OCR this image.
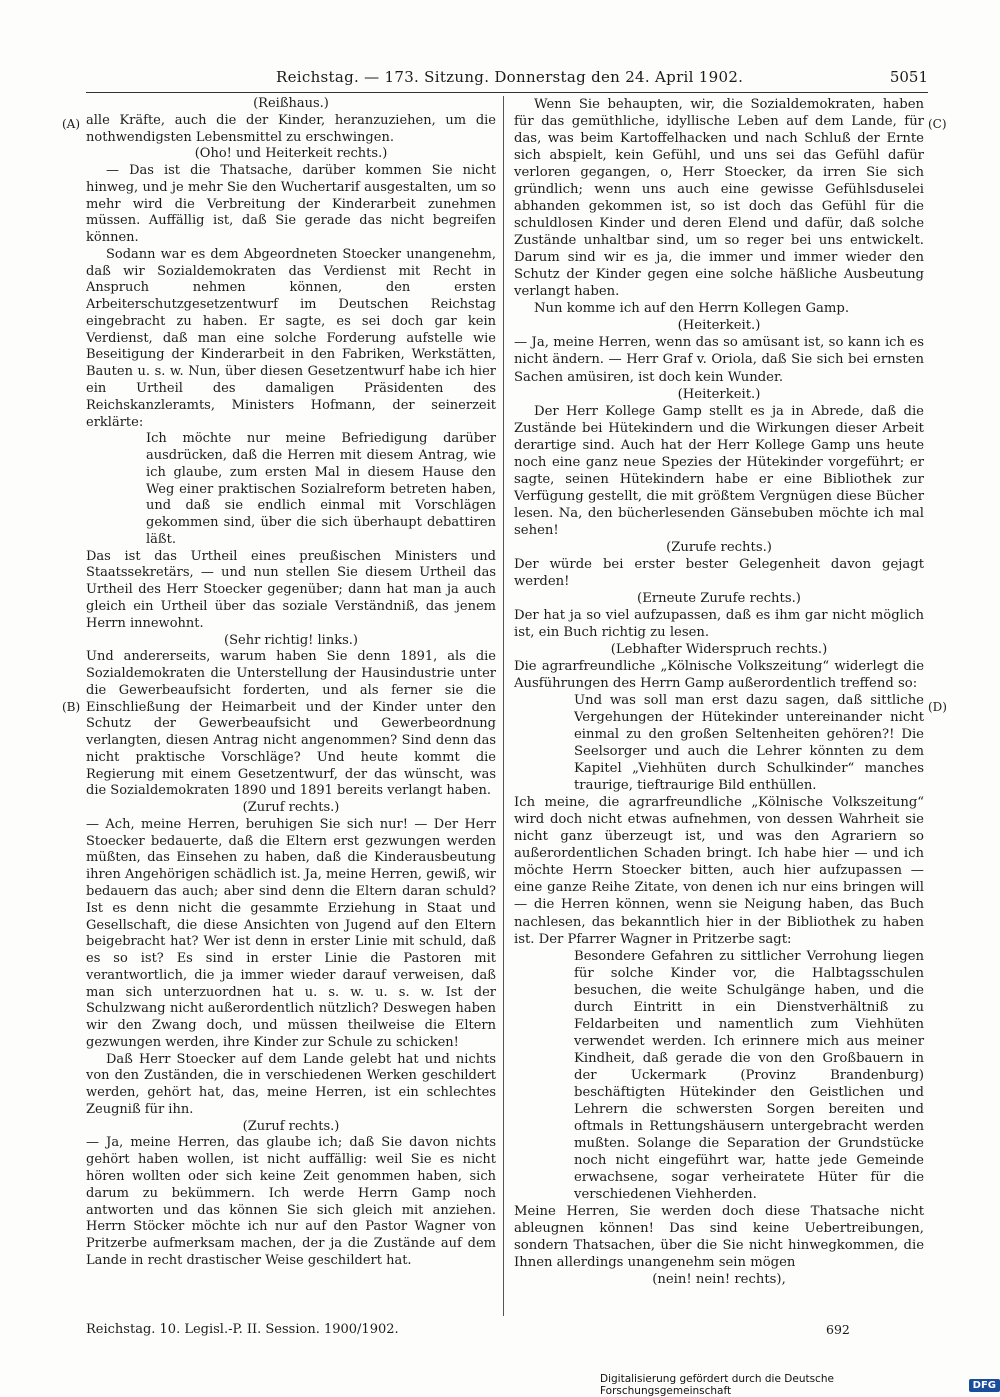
Reichstag. — 173. Sitzung. Donnerstag den 24. April 1902.	5051
(A)
(B)
(C)
(D)

(Reißhaus.)

alle Kräfte, auch die der Kinder, heranzuziehen, um die nothwendigsten Lebensmittel zu erschwingen.

(Oho! und Heiterkeit rechts.)

— Das ist die Thatsache, darüber kommen Sie nicht hinweg, und je mehr Sie den Wuchertarif ausgestalten, um so mehr wird die Verbreitung der Kinderarbeit zunehmen müssen. Auffällig ist, daß Sie gerade das nicht begreifen können.

Sodann war es dem Abgeordneten Stoecker unangenehm, daß wir Sozialdemokraten das Verdienst mit Recht in Anspruch nehmen können, den ersten Arbeiterschutzgesetzentwurf im Deutschen Reichstag eingebracht zu haben. Er sagte, es sei doch gar kein Verdienst, daß man eine solche Forderung aufstelle wie Beseitigung der Kinderarbeit in den Fabriken, Werkstätten, Bauten u. s. w. Nun, über diesen Gesetzentwurf habe ich hier ein Urtheil des damaligen Präsidenten des Reichskanzleramts, Ministers Hofmann, der seinerzeit erklärte:

Ich möchte nur meine Befriedigung darüber ausdrücken, daß die Herren mit diesem Antrag, wie ich glaube, zum ersten Mal in diesem Hause den Weg einer praktischen Sozialreform betreten haben, und daß sie endlich einmal mit Vorschlägen gekommen sind, über die sich überhaupt debattiren läßt.

Das ist das Urtheil eines preußischen Ministers und Staatssekretärs, — und nun stellen Sie diesem Urtheil das Urtheil des Herr Stoecker gegenüber; dann hat man ja auch gleich ein Urtheil über das soziale Verständniß, das jenem Herrn innewohnt.

(Sehr richtig! links.)

Und andererseits, warum haben Sie denn 1891, als die Sozialdemokraten die Unterstellung der Hausindustrie unter die Gewerbeaufsicht forderten, und als ferner sie die Einschließung der Heimarbeit und der Kinder unter den Schutz der Gewerbeaufsicht und Gewerbeordnung verlangten, diesen Antrag nicht angenommen? Sind denn das nicht praktische Vorschläge? Und heute kommt die Regierung mit einem Gesetzentwurf, der das wünscht, was die Sozialdemokraten 1890 und 1891 bereits verlangt haben.

(Zuruf rechts.)

— Ach, meine Herren, beruhigen Sie sich nur! — Der Herr Stoecker bedauerte, daß die Eltern erst gezwungen werden müßten, das Einsehen zu haben, daß die Kinderausbeutung ihren Angehörigen schädlich ist. Ja, meine Herren, gewiß, wir bedauern das auch; aber sind denn die Eltern daran schuld? Ist es denn nicht die gesammte Erziehung in Staat und Gesellschaft, die diese Ansichten von Jugend auf den Eltern beigebracht hat? Wer ist denn in erster Linie mit schuld, daß es so ist? Es sind in erster Linie die Pastoren mit verantwortlich, die ja immer wieder darauf verweisen, daß man sich unterzuordnen hat u. s. w. u. s. w. Ist der Schulzwang nicht außerordentlich nützlich? Deswegen haben wir den Zwang doch, und müssen theilweise die Eltern gezwungen werden, ihre Kinder zur Schule zu schicken!

Daß Herr Stoecker auf dem Lande gelebt hat und nichts von den Zuständen, die in verschiedenen Werken geschildert werden, gehört hat, das, meine Herren, ist ein schlechtes Zeugniß für ihn.

(Zuruf rechts.)

— Ja, meine Herren, das glaube ich; daß Sie davon nichts gehört haben wollen, ist nicht auffällig: weil Sie es nicht hören wollten oder sich keine Zeit genommen haben, sich darum zu bekümmern. Ich werde Herrn Gamp noch antworten und das können Sie sich gleich mit anziehen. Herrn Stöcker möchte ich nur auf den Pastor Wagner von Pritzerbe aufmerksam machen, der ja die Zustände auf dem Lande in recht drastischer Weise geschildert hat.

Wenn Sie behaupten, wir, die Sozialdemokraten, haben für das gemüthliche, idyllische Leben auf dem Lande, für das, was beim Kartoffelhacken und nach Schluß der Ernte sich abspielt, kein Gefühl, und uns sei das Gefühl dafür verloren gegangen, o, Herr Stoecker, da irren Sie sich gründlich; wenn uns auch eine gewisse Gefühlsduselei abhanden gekommen ist, so ist doch das Gefühl für die schuldlosen Kinder und deren Elend und dafür, daß solche Zustände unhaltbar sind, um so reger bei uns entwickelt. Darum sind wir es ja, die immer und immer wieder den Schutz der Kinder gegen eine solche häßliche Ausbeutung verlangt haben.

Nun komme ich auf den Herrn Kollegen Gamp.

(Heiterkeit.)

— Ja, meine Herren, wenn das so amüsant ist, so kann ich es nicht ändern. — Herr Graf v. Oriola, daß Sie sich bei ernsten Sachen amüsiren, ist doch kein Wunder.

(Heiterkeit.)

Der Herr Kollege Gamp stellt es ja in Abrede, daß die Zustände bei Hütekindern und die Wirkungen dieser Arbeit derartige sind. Auch hat der Herr Kollege Gamp uns heute noch eine ganz neue Spezies der Hütekinder vorgeführt; er sagte, seinen Hütekindern habe er eine Bibliothek zur Verfügung gestellt, die mit größtem Vergnügen diese Bücher lesen. Na, den bücherlesenden Gänsebuben möchte ich mal sehen!

(Zurufe rechts.)

Der würde bei erster bester Gelegenheit davon gejagt werden!

(Erneute Zurufe rechts.)

Der hat ja so viel aufzupassen, daß es ihm gar nicht möglich ist, ein Buch richtig zu lesen.

(Lebhafter Widerspruch rechts.)

Die agrarfreundliche „Kölnische Volkszeitung“ widerlegt die Ausführungen des Herrn Gamp außerordentlich treffend so:

Und was soll man erst dazu sagen, daß sittliche Vergehungen der Hütekinder untereinander nicht einmal zu den großen Seltenheiten gehören?! Die Seelsorger und auch die Lehrer könnten zu dem Kapitel „Viehhüten durch Schulkinder“ manches traurige, tieftraurige Bild enthüllen.

Ich meine, die agrarfreundliche „Kölnische Volkszeitung“ wird doch nicht etwas aufnehmen, von dessen Wahrheit sie nicht ganz überzeugt ist, und was den Agrariern so außerordentlichen Schaden bringt. Ich habe hier — und ich möchte Herrn Stoecker bitten, auch hier aufzupassen — eine ganze Reihe Zitate, von denen ich nur eins bringen will — die Herren können, wenn sie Neigung haben, das Buch nachlesen, das bekanntlich hier in der Bibliothek zu haben ist. Der Pfarrer Wagner in Pritzerbe sagt:

Besondere Gefahren zu sittlicher Verrohung liegen für solche Kinder vor, die Halbtagsschulen besuchen, die weite Schulgänge haben, und die durch Eintritt in ein Dienstverhältniß zu Feldarbeiten und namentlich zum Viehhüten verwendet werden. Ich erinnere mich aus meiner Kindheit, daß gerade die von den Großbauern in der Uckermark (Provinz Brandenburg) beschäftigten Hütekinder den Geistlichen und Lehrern die schwersten Sorgen bereiten und oftmals in Rettungshäusern untergebracht werden mußten. Solange die Separation der Grundstücke noch nicht eingeführt war, hatte jede Gemeinde erwachsene, sogar verheiratete Hüter für die verschiedenen Viehherden.

Meine Herren, Sie werden doch diese Thatsache nicht ableugnen können! Das sind keine Uebertreibungen, sondern Thatsachen, über die Sie nicht hinwegkommen, die Ihnen allerdings unangenehm sein mögen

(nein! nein! rechts),

Reichstag. 10. Legisl.-P. II. Session. 1900/1902.	692
Digitalisierung gefördert durch die Deutsche Forschungsgemeinschaft	DFG
